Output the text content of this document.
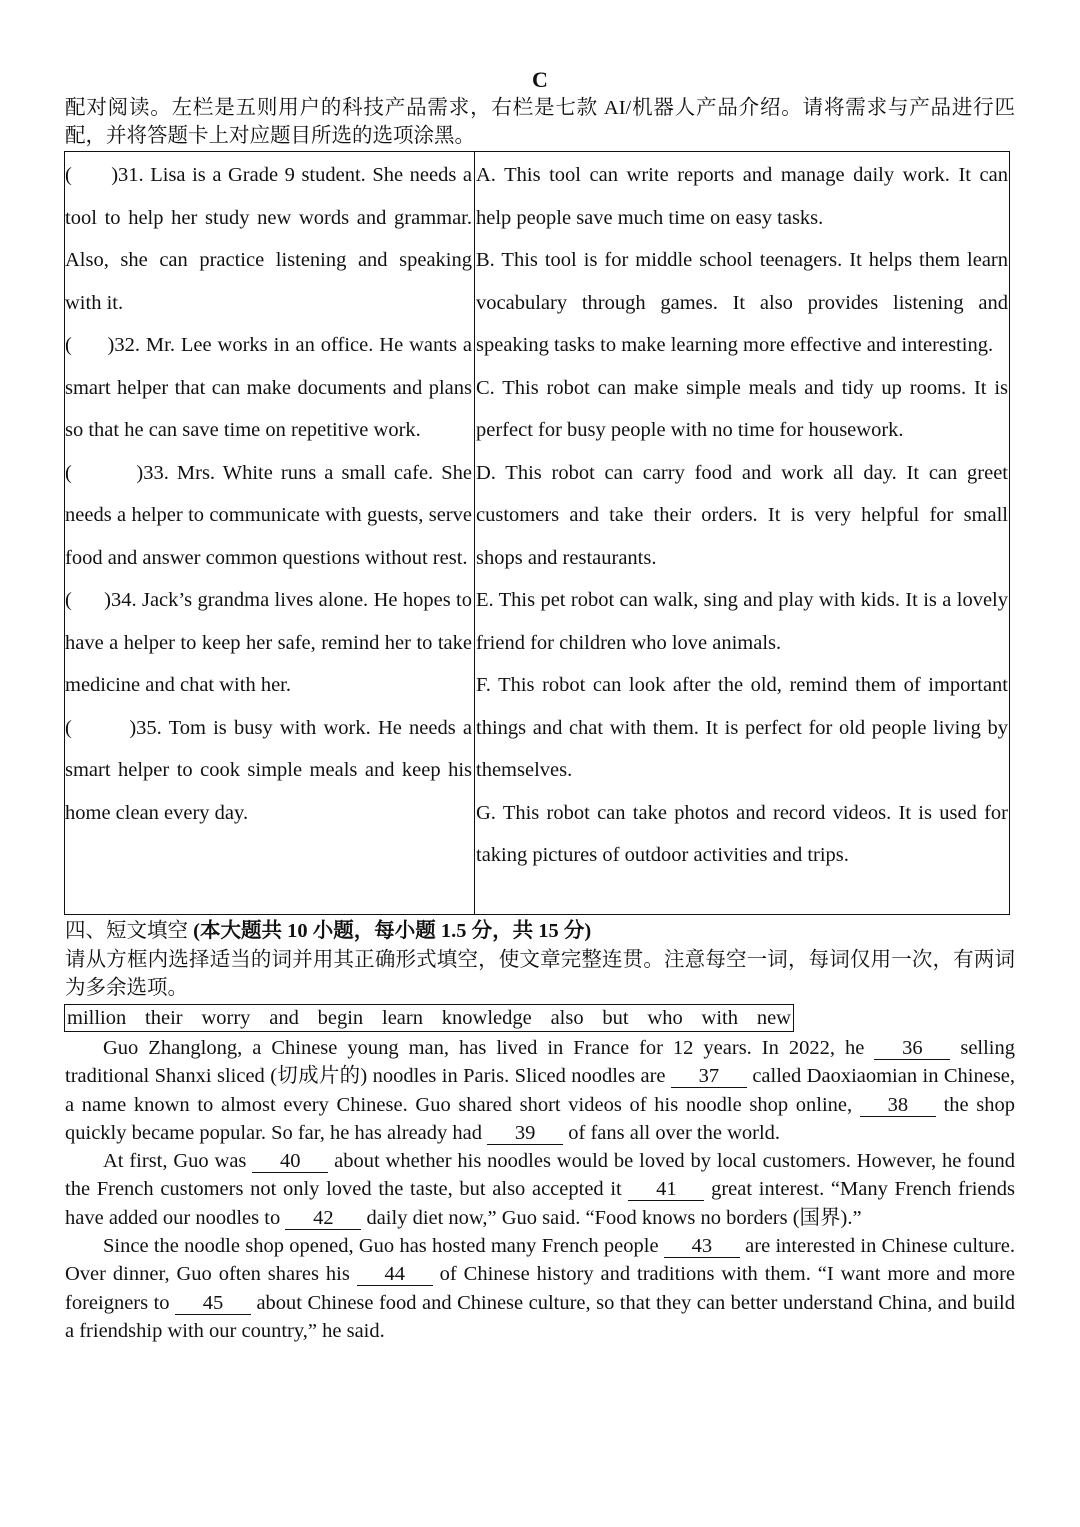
C
配对阅读。左栏是五则用户的科技产品需求，右栏是七款 AI/机器人产品介绍。请将需求与产品进行匹配，并将答题卡上对应题目所选的选项涂黑。
( )31. Lisa is a Grade 9 student. She needs a tool to help her study new words and grammar. Also, she can practice listening and speaking with it.
( )32. Mr. Lee works in an office. He wants a smart helper that can make documents and plans so that he can save time on repetitive work.
(	)33. Mrs. White runs a small cafe. She needs a helper to communicate with guests, serve food and answer common questions without rest.
( )34. Jack’s grandma lives alone. He hopes to have a helper to keep her safe, remind her to take medicine and chat with her.
(	)35. Tom is busy with work. He needs a smart helper to cook simple meals and keep his home clean every day.
A. This tool can write reports and manage daily work. It can help people save much time on easy tasks.
B. This tool is for middle school teenagers. It helps them learn vocabulary through games. It also provides listening and speaking tasks to make learning more effective and interesting.
C. This robot can make simple meals and tidy up rooms. It is perfect for busy people with no time for housework.
D. This robot can carry food and work all day. It can greet customers and take their orders. It is very helpful for small shops and restaurants.
E. This pet robot can walk, sing and play with kids. It is a lovely friend for children who love animals.
F. This robot can look after the old, remind them of important things and chat with them. It is perfect for old people living by themselves.
G. This robot can take photos and record videos. It is used for taking pictures of outdoor activities and trips.
四、短文填空 (本大题共 10 小题，每小题 1.5 分，共 15 分)
请从方框内选择适当的词并用其正确形式填空，使文章完整连贯。注意每空一词，每词仅用一次，有两词为多余选项。
million their worry and begin learn knowledge also but who with new

Guo Zhanglong, a Chinese young man, has lived in France for 12 years. In 2022, he 36 selling traditional Shanxi sliced (切成片的) noodles in Paris. Sliced noodles are 37 called Daoxiaomian in Chinese, a name known to almost every Chinese. Guo shared short videos of his noodle shop online, 38 the shop quickly became popular. So far, he has already had 39 of fans all over the world.

At first, Guo was 40 about whether his noodles would be loved by local customers. However, he found the French customers not only loved the taste, but also accepted it 41 great interest. “Many French friends have added our noodles to 42 daily diet now,” Guo said. “Food knows no borders (国界).”

Since the noodle shop opened, Guo has hosted many French people 43 are interested in Chinese culture. Over dinner, Guo often shares his 44 of Chinese history and traditions with them. “I want more and more foreigners to 45 about Chinese food and Chinese culture, so that they can better understand China, and build a friendship with our country,” he said.
